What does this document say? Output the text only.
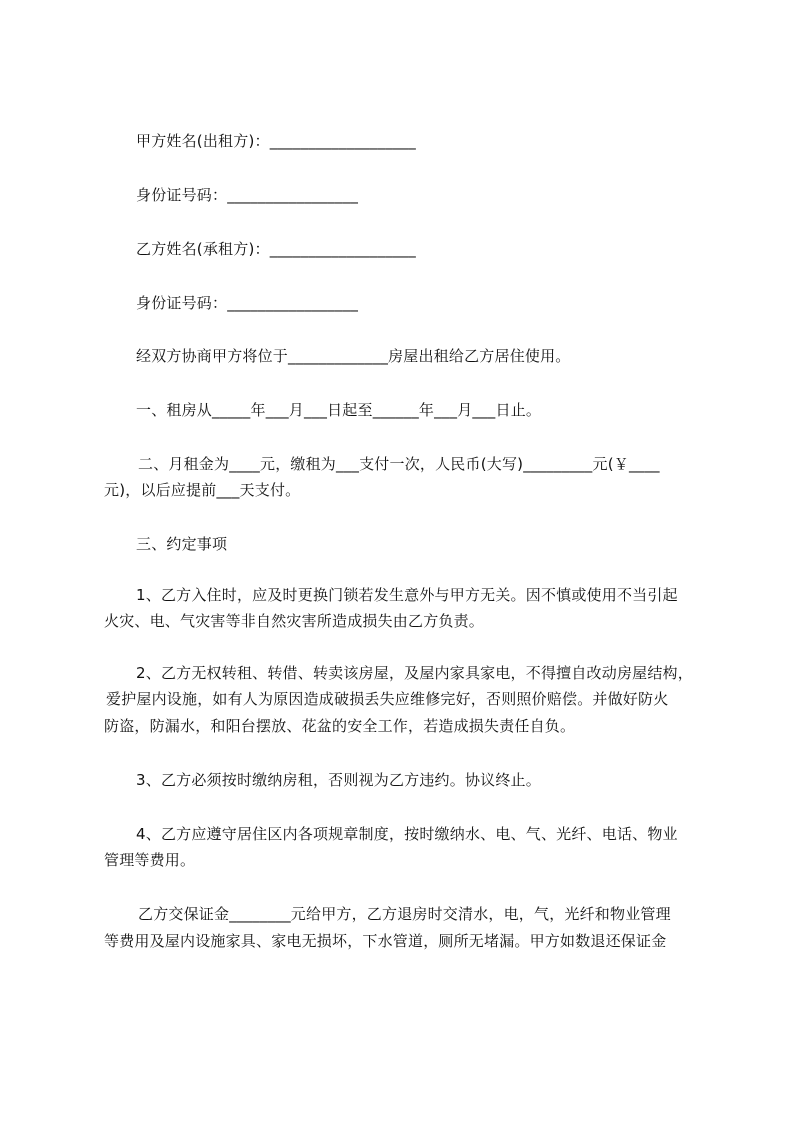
甲方姓名(出租方)：___________________
身份证号码：_________________
乙方姓名(承租方)：___________________
身份证号码：_________________
经双方协商甲方将位于_____________房屋出租给乙方居住使用。
一、租房从_____年___月___日起至______年___月___日止。
二、月租金为____元，缴租为___支付一次，人民币(大写)_________元(￥____
元)，以后应提前___天支付。
三、约定事项
1、乙方入住时，应及时更换门锁若发生意外与甲方无关。因不慎或使用不当引起
火灾、电、气灾害等非自然灾害所造成损失由乙方负责。
2、乙方无权转租、转借、转卖该房屋，及屋内家具家电，不得擅自改动房屋结构，
爱护屋内设施，如有人为原因造成破损丢失应维修完好，否则照价赔偿。并做好防火
防盗，防漏水，和阳台摆放、花盆的安全工作，若造成损失责任自负。
3、乙方必须按时缴纳房租，否则视为乙方违约。协议终止。
4、乙方应遵守居住区内各项规章制度，按时缴纳水、电、气、光纤、电话、物业
管理等费用。
乙方交保证金________元给甲方，乙方退房时交清水，电，气，光纤和物业管理
等费用及屋内设施家具、家电无损坏，下水管道，厕所无堵漏。甲方如数退还保证金
